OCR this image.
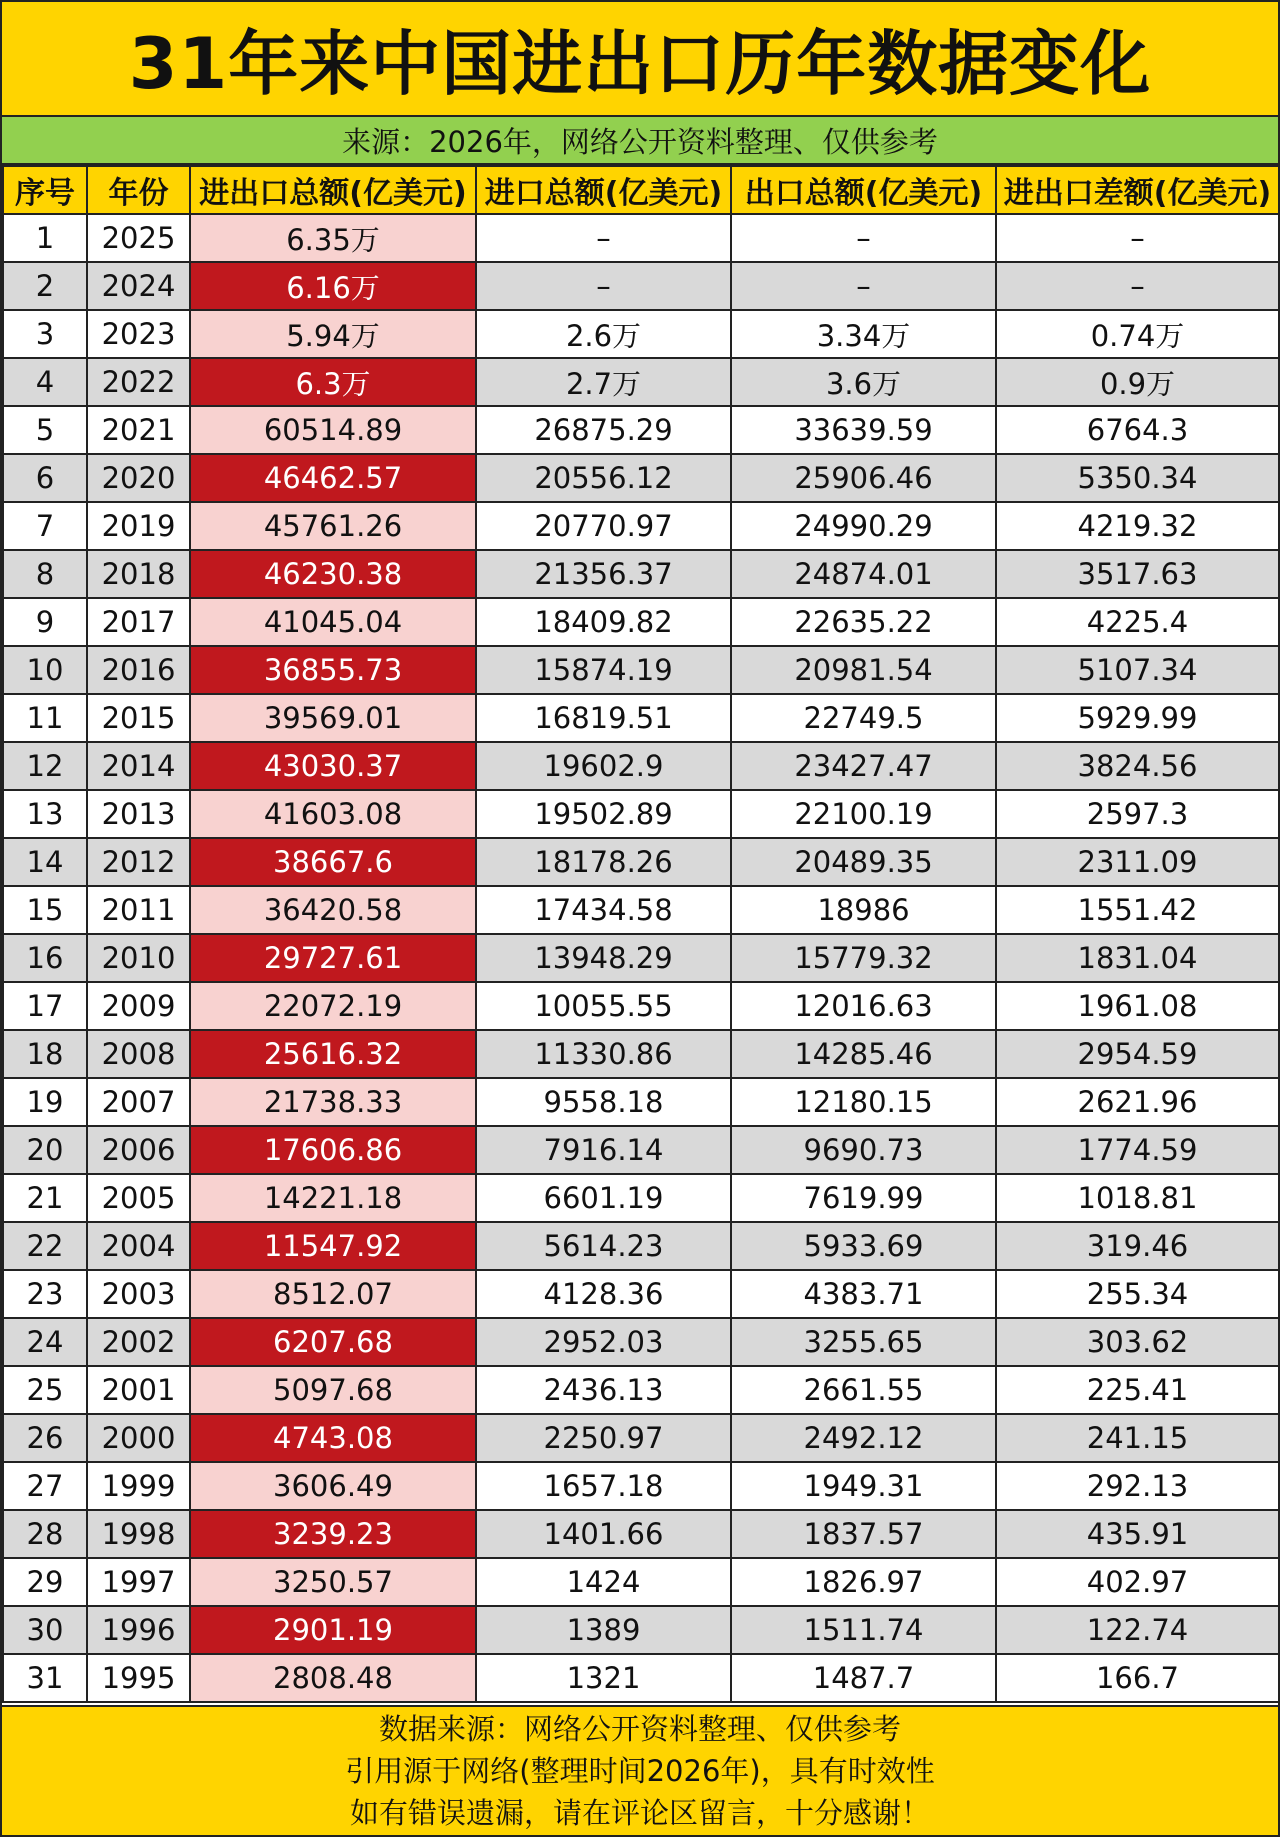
31年来中国进出口历年数据变化
来源：2026年，网络公开资料整理、仅供参考
序号	年份	进出口总额(亿美元)	进口总额(亿美元)	出口总额(亿美元)	进出口差额(亿美元)
1	2025	6.35万	–	–	–
2	2024	6.16万	–	–	–
3	2023	5.94万	2.6万	3.34万	0.74万
4	2022	6.3万	2.7万	3.6万	0.9万
5	2021	60514.89	26875.29	33639.59	6764.3
6	2020	46462.57	20556.12	25906.46	5350.34
7	2019	45761.26	20770.97	24990.29	4219.32
8	2018	46230.38	21356.37	24874.01	3517.63
9	2017	41045.04	18409.82	22635.22	4225.4
10	2016	36855.73	15874.19	20981.54	5107.34
11	2015	39569.01	16819.51	22749.5	5929.99
12	2014	43030.37	19602.9	23427.47	3824.56
13	2013	41603.08	19502.89	22100.19	2597.3
14	2012	38667.6	18178.26	20489.35	2311.09
15	2011	36420.58	17434.58	18986	1551.42
16	2010	29727.61	13948.29	15779.32	1831.04
17	2009	22072.19	10055.55	12016.63	1961.08
18	2008	25616.32	11330.86	14285.46	2954.59
19	2007	21738.33	9558.18	12180.15	2621.96
20	2006	17606.86	7916.14	9690.73	1774.59
21	2005	14221.18	6601.19	7619.99	1018.81
22	2004	11547.92	5614.23	5933.69	319.46
23	2003	8512.07	4128.36	4383.71	255.34
24	2002	6207.68	2952.03	3255.65	303.62
25	2001	5097.68	2436.13	2661.55	225.41
26	2000	4743.08	2250.97	2492.12	241.15
27	1999	3606.49	1657.18	1949.31	292.13
28	1998	3239.23	1401.66	1837.57	435.91
29	1997	3250.57	1424	1826.97	402.97
30	1996	2901.19	1389	1511.74	122.74
31	1995	2808.48	1321	1487.7	166.7
数据来源：网络公开资料整理、仅供参考
引用源于网络(整理时间2026年)，具有时效性
如有错误遗漏，请在评论区留言，十分感谢！
